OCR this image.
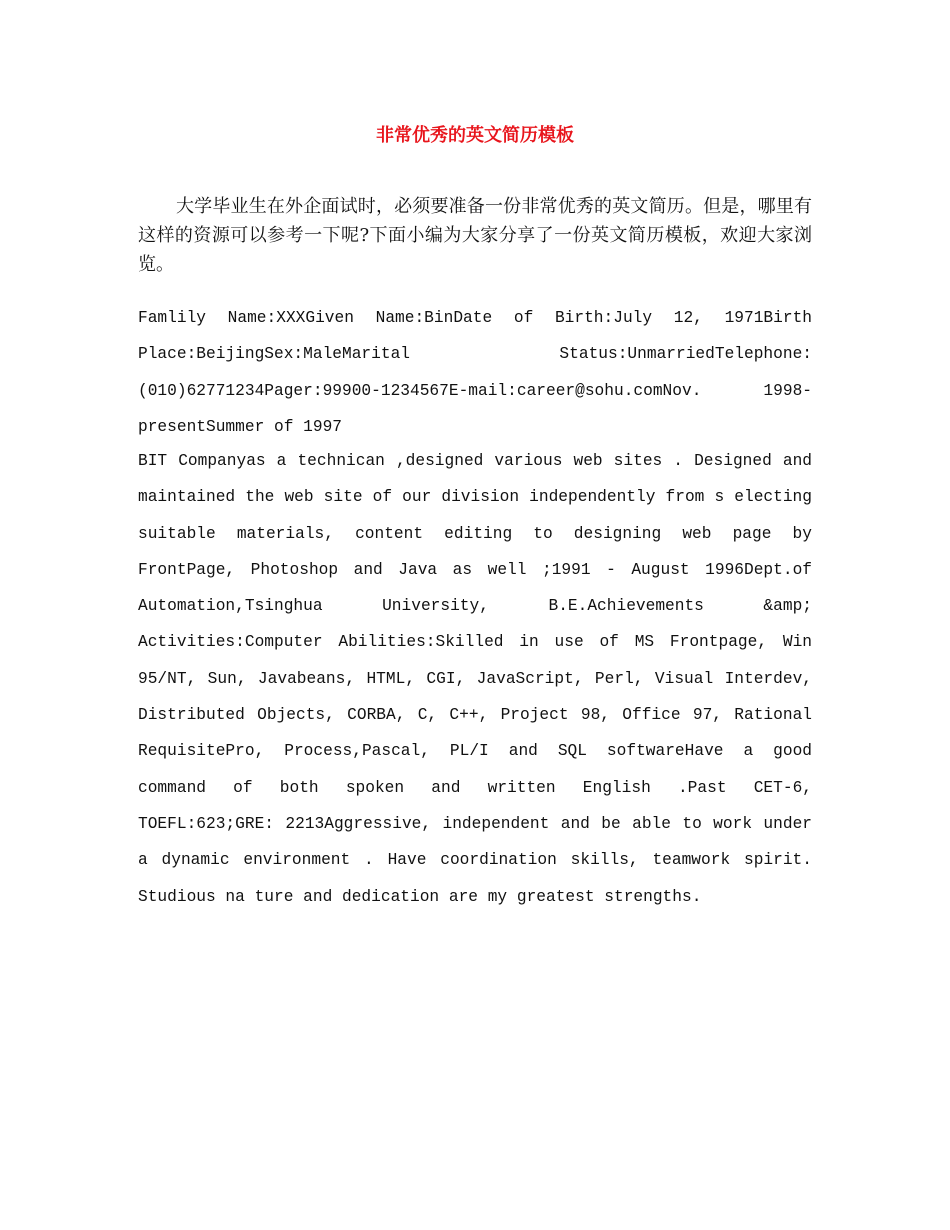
非常优秀的英文简历模板

大学毕业生在外企面试时，必须要准备一份非常优秀的英文简历。但是，哪里有这样的资源可以参考一下呢?下面小编为大家分享了一份英文简历模板，欢迎大家浏览。

Famlily Name:XXXGiven Name:BinDate of Birth:July 12, 1971Birth Place:BeijingSex:MaleMarital Status:UnmarriedTelephone:(010)62771234Pager:99900-1234567E-mail:career@sohu.comNov. 1998-presentSummer of 1997

BIT Companyas a technican ,designed various web sites . Designed and maintained the web site of our division independently from s electing suitable materials, content editing to designing web page by FrontPage, Photoshop and Java as well ;1991 - August 1996Dept.of Automation,Tsinghua University, B.E.Achievements &amp; Activities:Computer Abilities:Skilled in use of MS Frontpage, Win 95/NT, Sun, Javabeans, HTML, CGI, JavaScript, Perl, Visual Interdev, Distributed Objects, CORBA, C, C++, Project 98, Office 97, Rational RequisitePro, Process,Pascal, PL/I and SQL softwareHave a good command of both spoken and written English .Past CET-6, TOEFL:623;GRE: 2213Aggressive, independent and be able to work under a dynamic environment . Have coordination skills, teamwork spirit. Studious na ture and dedication are my greatest strengths.
